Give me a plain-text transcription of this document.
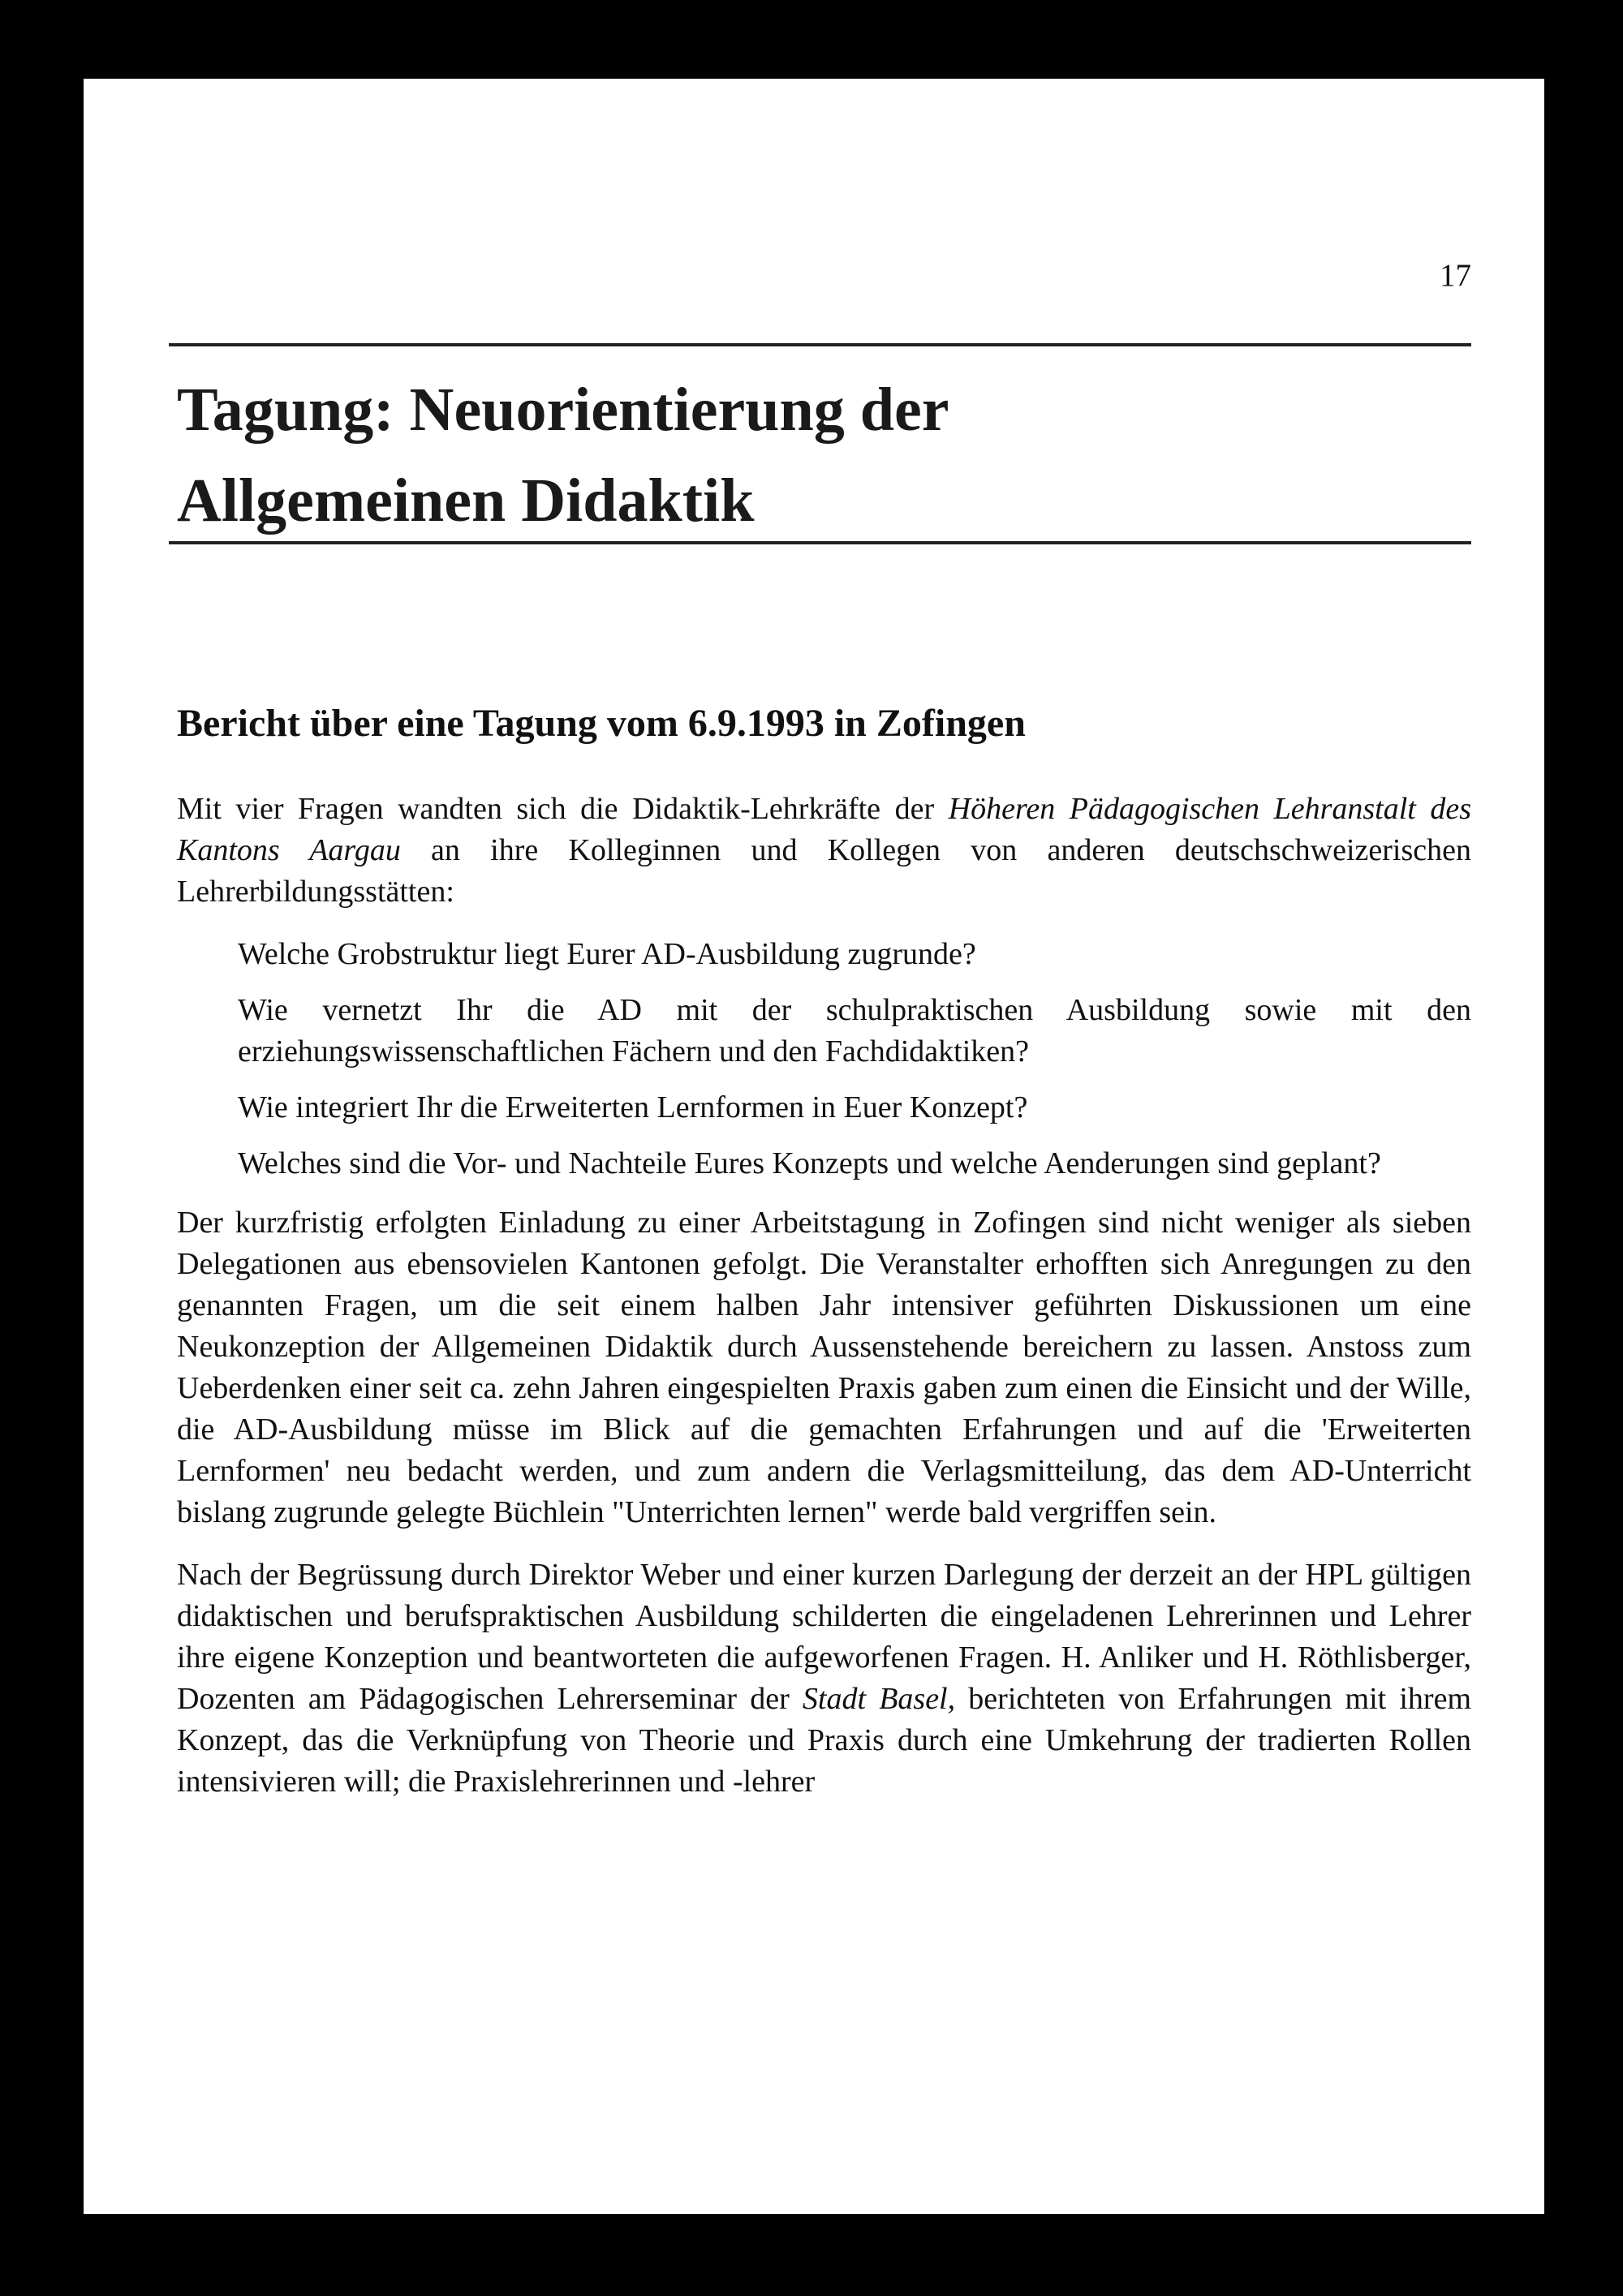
17
Tagung: Neuorientierung der
Allgemeinen Didaktik
Bericht über eine Tagung vom 6.9.1993 in Zofingen

Mit vier Fragen wandten sich die Didaktik-Lehrkräfte der Höheren Pädagogischen Lehranstalt des Kantons Aargau an ihre Kolleginnen und Kollegen von anderen deutschschweizerischen Lehrerbildungsstätten:

Welche Grobstruktur liegt Eurer AD-Ausbildung zugrunde?

Wie vernetzt Ihr die AD mit der schulpraktischen Ausbildung sowie mit den erziehungswissenschaftlichen Fächern und den Fachdidaktiken?

Wie integriert Ihr die Erweiterten Lernformen in Euer Konzept?

Welches sind die Vor- und Nachteile Eures Konzepts und welche Aenderungen sind geplant?

Der kurzfristig erfolgten Einladung zu einer Arbeitstagung in Zofingen sind nicht weniger als sieben Delegationen aus ebensovielen Kantonen gefolgt. Die Veranstalter erhofften sich Anregungen zu den genannten Fragen, um die seit einem halben Jahr intensiver geführten Diskussionen um eine Neukonzeption der Allgemeinen Didaktik durch Aussenstehende bereichern zu lassen. Anstoss zum Ueberdenken einer seit ca. zehn Jahren eingespielten Praxis gaben zum einen die Einsicht und der Wille, die AD-Ausbildung müsse im Blick auf die gemachten Erfahrungen und auf die 'Erweiterten Lernformen' neu bedacht werden, und zum andern die Verlagsmitteilung, das dem AD-Unterricht bislang zugrunde gelegte Büchlein "Unterrichten lernen" werde bald vergriffen sein.

Nach der Begrüssung durch Direktor Weber und einer kurzen Darlegung der derzeit an der HPL gültigen didaktischen und berufspraktischen Ausbildung schilderten die eingeladenen Lehrerinnen und Lehrer ihre eigene Konzeption und beantworteten die aufgeworfenen Fragen. H. Anliker und H. Röthlisberger, Dozenten am Pädagogischen Lehrerseminar der Stadt Basel, berichteten von Erfahrungen mit ihrem Konzept, das die Verknüpfung von Theorie und Praxis durch eine Umkehrung der tradierten Rollen intensivieren will; die Praxislehrerinnen und -lehrer
